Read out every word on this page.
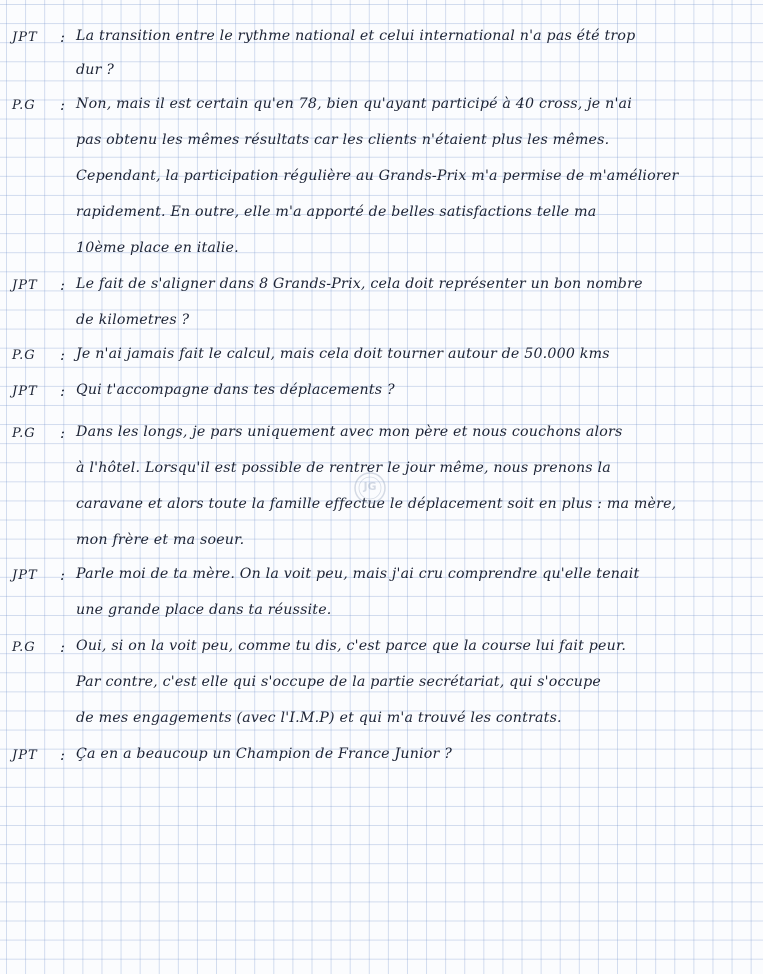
JPT	: La transition entre le rythme national et celui international n'a pas été trop
dur ?
P.G	: Non, mais il est certain qu'en 78, bien qu'ayant participé à 40 cross, je n'ai
pas obtenu les mêmes résultats car les clients n'étaient plus les mêmes.
Cependant, la participation régulière au Grands-Prix m'a permise de m'améliorer
rapidement. En outre, elle m'a apporté de belles satisfactions telle ma
10ème place en italie.
JPT	: Le fait de s'aligner dans 8 Grands-Prix, cela doit représenter un bon nombre
de kilometres ?
P.G	: Je n'ai jamais fait le calcul, mais cela doit tourner autour de 50.000 kms
JPT	: Qui t'accompagne dans tes déplacements ?
P.G	: Dans les longs, je pars uniquement avec mon père et nous couchons alors
à l'hôtel. Lorsqu'il est possible de rentrer le jour même, nous prenons la
caravane et alors toute la famille effectue le déplacement soit en plus : ma mère,
mon frère et ma soeur.
JPT	: Parle moi de ta mère. On la voit peu, mais j'ai cru comprendre qu'elle tenait
une grande place dans ta réussite.
P.G	: Oui, si on la voit peu, comme tu dis, c'est parce que la course lui fait peur.
Par contre, c'est elle qui s'occupe de la partie secrétariat, qui s'occupe
de mes engagements (avec l'I.M.P) et qui m'a trouvé les contrats.
JPT	: Ça en a beaucoup un Champion de France Junior ?
JG
